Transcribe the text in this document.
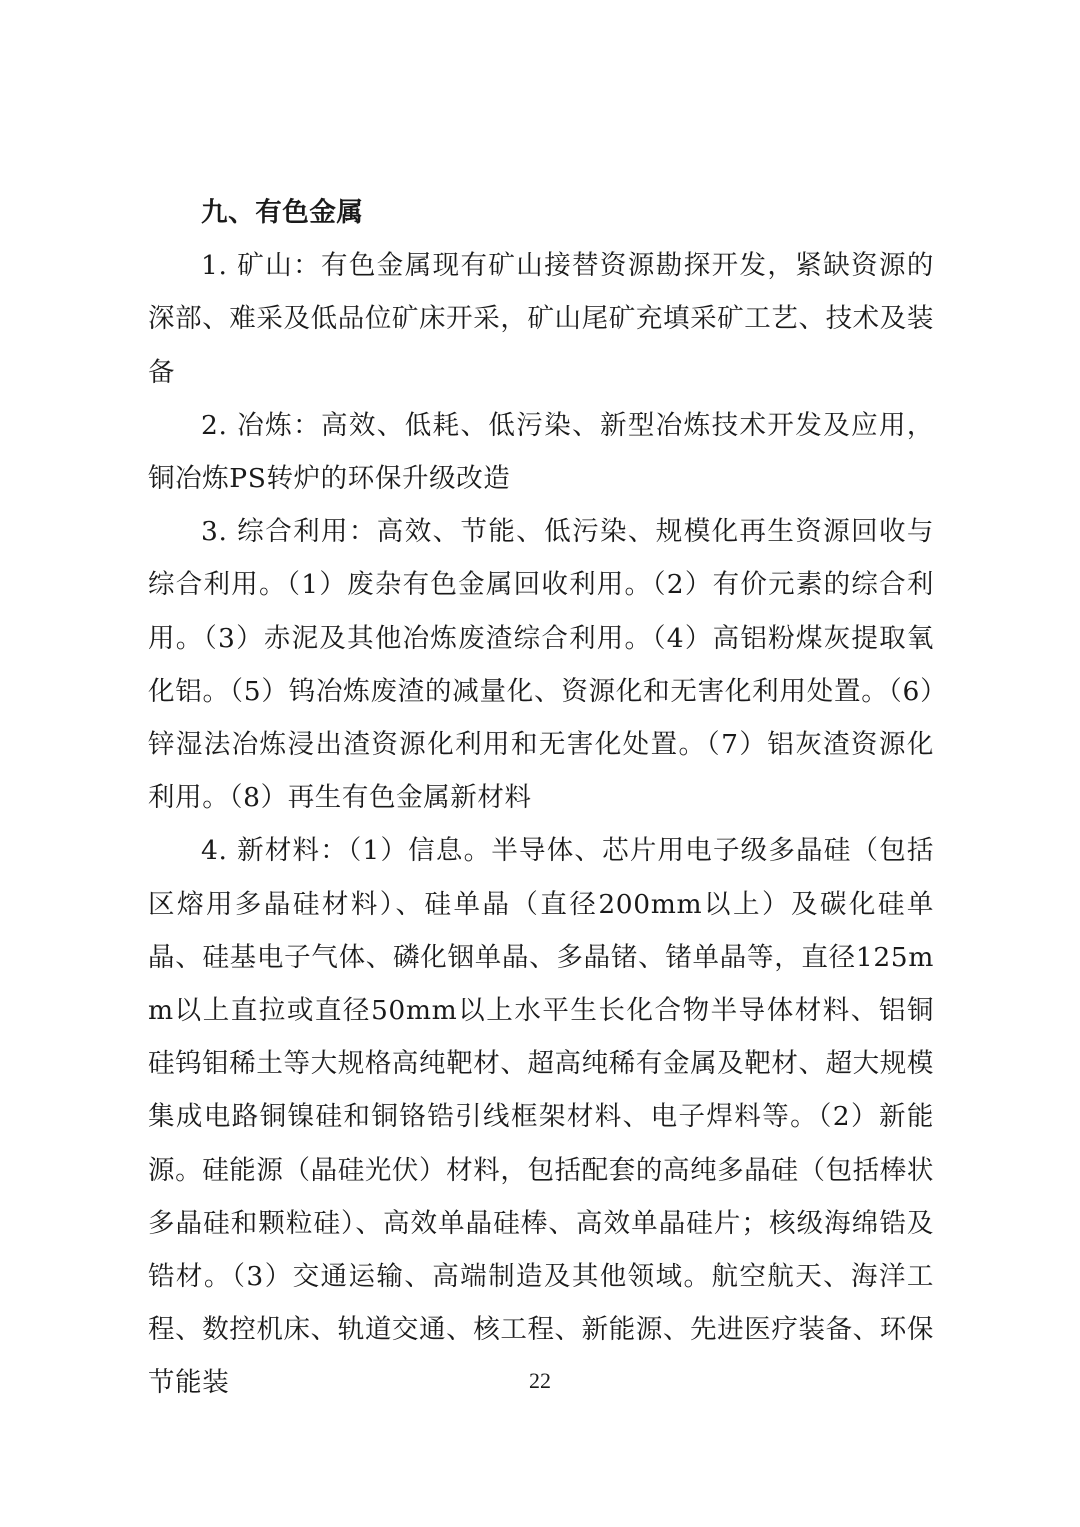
九、有色金属

1. 矿山：有色金属现有矿山接替资源勘探开发，紧缺资源的深部、难采及低品位矿床开采，矿山尾矿充填采矿工艺、技术及装备

2. 冶炼：高效、低耗、低污染、新型冶炼技术开发及应用，铜冶炼PS转炉的环保升级改造

3. 综合利用：高效、节能、低污染、规模化再生资源回收与综合利用。（1）废杂有色金属回收利用。（2）有价元素的综合利用。（3）赤泥及其他冶炼废渣综合利用。（4）高铝粉煤灰提取氧化铝。（5）钨冶炼废渣的减量化、资源化和无害化利用处置。（6）锌湿法冶炼浸出渣资源化利用和无害化处置。（7）铝灰渣资源化利用。（8）再生有色金属新材料

4. 新材料：（1）信息。半导体、芯片用电子级多晶硅（包括区熔用多晶硅材料）、硅单晶（直径200mm以上）及碳化硅单晶、硅基电子气体、磷化铟单晶、多晶锗、锗单晶等，直径125mm以上直拉或直径50mm以上水平生长化合物半导体材料、铝铜硅钨钼稀土等大规格高纯靶材、超高纯稀有金属及靶材、超大规模集成电路铜镍硅和铜铬锆引线框架材料、电子焊料等。（2）新能源。硅能源（晶硅光伏）材料，包括配套的高纯多晶硅（包括棒状多晶硅和颗粒硅）、高效单晶硅棒、高效单晶硅片；核级海绵锆及锆材。（3）交通运输、高端制造及其他领域。航空航天、海洋工程、数控机床、轨道交通、核工程、新能源、先进医疗装备、环保节能装	22
